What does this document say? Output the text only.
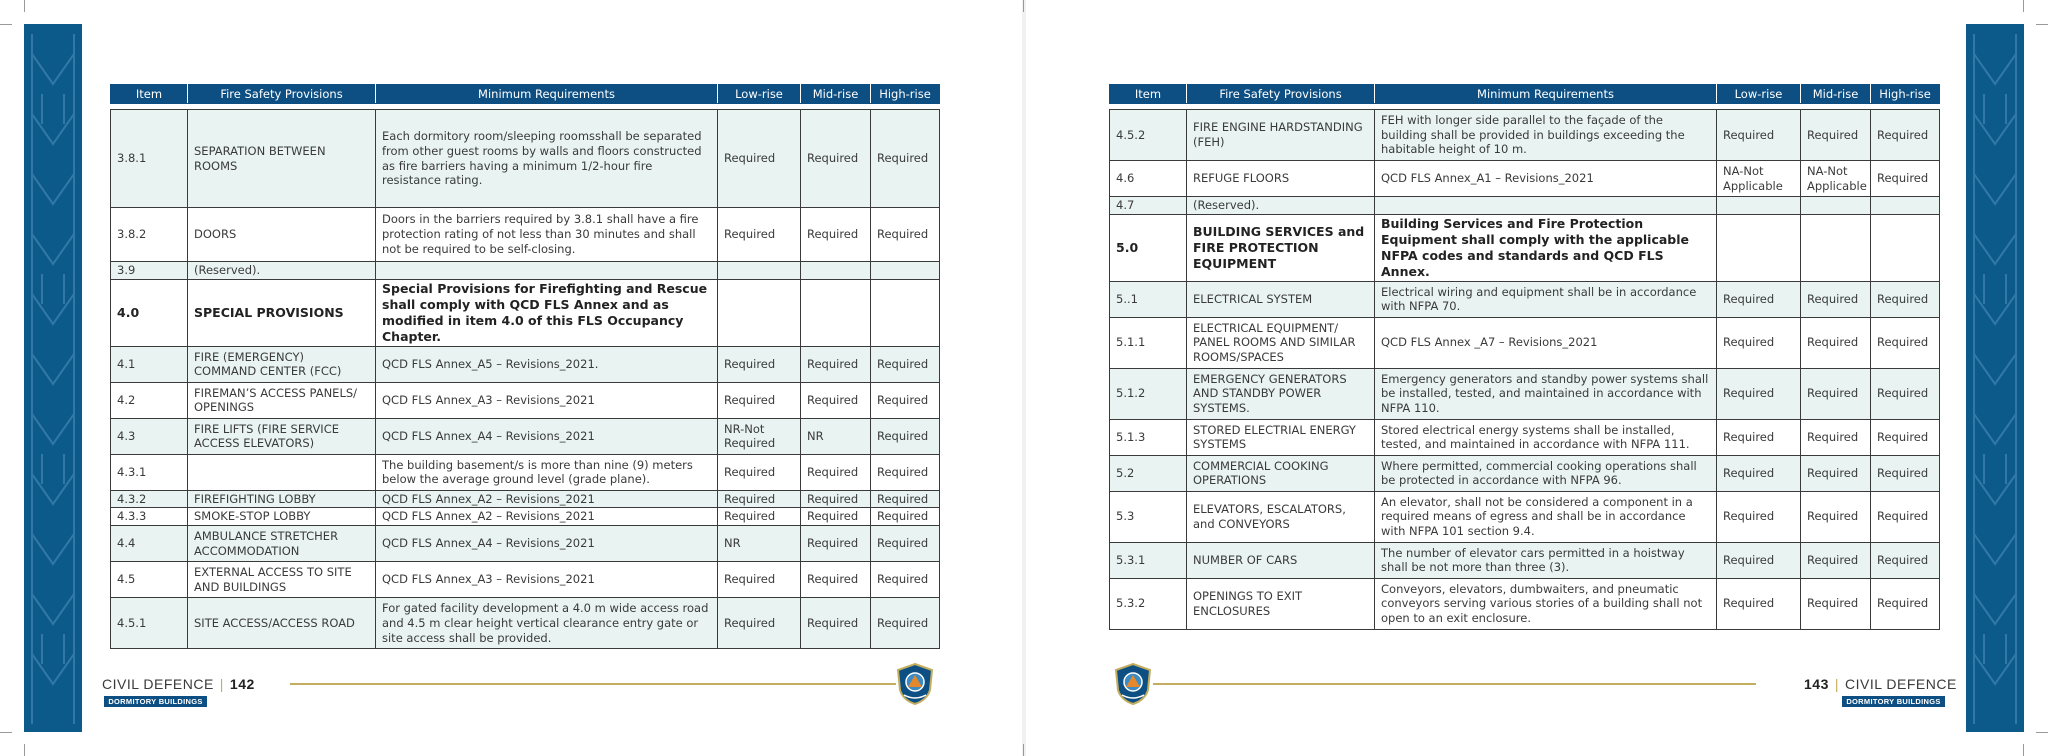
Item	Fire Safety Provisions	Minimum Requirements	Low-rise	Mid-rise	High-rise

3.8.1	SEPARATION BETWEEN ROOMS	Each dormitory room/sleeping roomsshall be separated from other guest rooms by walls and floors constructed as fire barriers having a minimum 1/2-hour fire resistance rating.	Required	Required	Required
3.8.2	DOORS	Doors in the barriers required by 3.8.1 shall have a fire protection rating of not less than 30 minutes and shall not be required to be self-closing.	Required	Required	Required
3.9	(Reserved).				
4.0	SPECIAL PROVISIONS	Special Provisions for Firefighting and Rescue shall comply with QCD FLS Annex and as modified in item 4.0 of this FLS Occupancy Chapter.			
4.1	FIRE (EMERGENCY) COMMAND CENTER (FCC)	QCD FLS Annex_A5 – Revisions_2021.	Required	Required	Required
4.2	FIREMAN’S ACCESS PANELS/ OPENINGS	QCD FLS Annex_A3 – Revisions_2021	Required	Required	Required
4.3	FIRE LIFTS (FIRE SERVICE ACCESS ELEVATORS)	QCD FLS Annex_A4 – Revisions_2021	NR-Not Required	NR	Required
4.3.1		The building basement/s is more than nine (9) meters below the average ground level (grade plane).	Required	Required	Required
4.3.2	FIREFIGHTING LOBBY	QCD FLS Annex_A2 – Revisions_2021	Required	Required	Required
4.3.3	SMOKE-STOP LOBBY	QCD FLS Annex_A2 – Revisions_2021	Required	Required	Required
4.4	AMBULANCE STRETCHER ACCOMMODATION	QCD FLS Annex_A4 – Revisions_2021	NR	Required	Required
4.5	EXTERNAL ACCESS TO SITE AND BUILDINGS	QCD FLS Annex_A3 – Revisions_2021	Required	Required	Required
4.5.1	SITE ACCESS/ACCESS ROAD	For gated facility development a 4.0 m wide access road and 4.5 m clear height vertical clearance entry gate or site access shall be provided.	Required	Required	Required
Item	Fire Safety Provisions	Minimum Requirements	Low-rise	Mid-rise	High-rise

4.5.2	FIRE ENGINE HARDSTANDING (FEH)	FEH with longer side parallel to the façade of the building shall be provided in buildings exceeding the habitable height of 10 m.	Required	Required	Required
4.6	REFUGE FLOORS	QCD FLS Annex_A1 – Revisions_2021	NA-Not Applicable	NA-Not Applicable	Required
4.7	(Reserved).				
5.0	BUILDING SERVICES and FIRE PROTECTION EQUIPMENT	Building Services and Fire Protection Equipment shall comply with the applicable NFPA codes and standards and QCD FLS Annex.			
5..1	ELECTRICAL SYSTEM	Electrical wiring and equipment shall be in accordance with NFPA 70.	Required	Required	Required
5.1.1	ELECTRICAL EQUIPMENT/ PANEL ROOMS AND SIMILAR ROOMS/SPACES	QCD FLS Annex _A7 – Revisions_2021	Required	Required	Required
5.1.2	EMERGENCY GENERATORS AND STANDBY POWER SYSTEMS.	Emergency generators and standby power systems shall be installed, tested, and maintained in accordance with NFPA 110.	Required	Required	Required
5.1.3	STORED ELECTRIAL ENERGY SYSTEMS	Stored electrical energy systems shall be installed, tested, and maintained in accordance with NFPA 111.	Required	Required	Required
5.2	COMMERCIAL COOKING OPERATIONS	Where permitted, commercial cooking operations shall be protected in accordance with NFPA 96.	Required	Required	Required
5.3	ELEVATORS, ESCALATORS, and CONVEYORS	An elevator, shall not be considered a component in a required means of egress and shall be in accordance with NFPA 101 section 9.4.	Required	Required	Required
5.3.1	NUMBER OF CARS	The number of elevator cars permitted in a hoistway shall be not more than three (3).	Required	Required	Required
5.3.2	OPENINGS TO EXIT ENCLOSURES	Conveyors, elevators, dumbwaiters, and pneumatic conveyors serving various stories of a building shall not open to an exit enclosure.	Required	Required	Required
CIVIL DEFENCE | 142
DORMITORY BUILDINGS
143 | CIVIL DEFENCE
DORMITORY BUILDINGS
